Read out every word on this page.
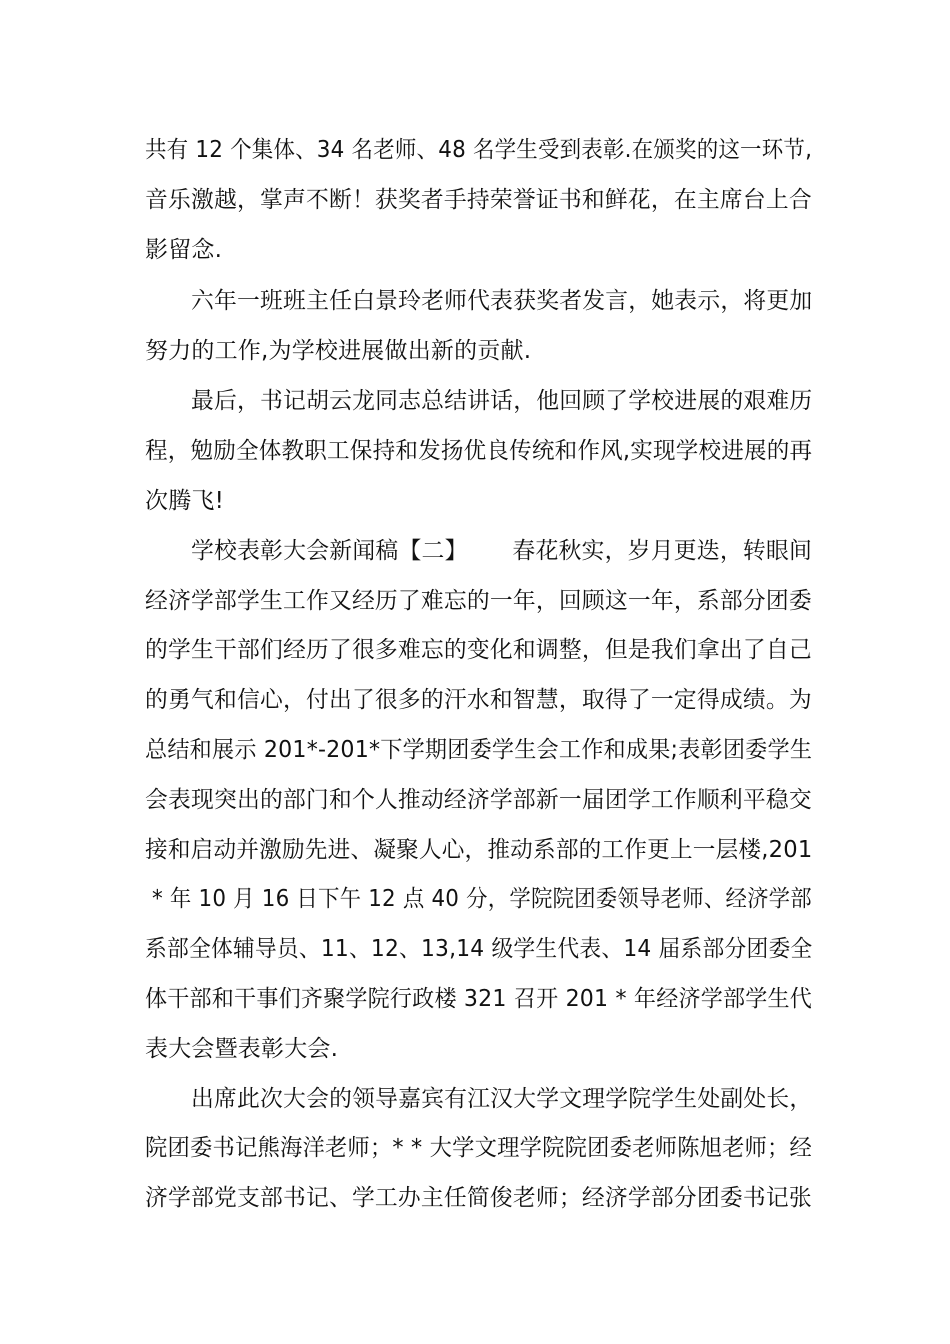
共有 12 个集体、34 名老师、48 名学生受到表彰.在颁奖的这一环节,
音乐激越，掌声不断！获奖者手持荣誉证书和鲜花，在主席台上合
影留念.
六年一班班主任白景玲老师代表获奖者发言，她表示，将更加
努力的工作,为学校进展做出新的贡献.
最后，书记胡云龙同志总结讲话，他回顾了学校进展的艰难历
程，勉励全体教职工保持和发扬优良传统和作风,实现学校进展的再
次腾飞!
学校表彰大会新闻稿【二】      春花秋实，岁月更迭，转眼间
经济学部学生工作又经历了难忘的一年，回顾这一年，系部分团委
的学生干部们经历了很多难忘的变化和调整，但是我们拿出了自己
的勇气和信心，付出了很多的汗水和智慧，取得了一定得成绩。为
总结和展示 201*-201*下学期团委学生会工作和成果;表彰团委学生
会表现突出的部门和个人推动经济学部新一届团学工作顺利平稳交
接和启动并激励先进、凝聚人心，推动系部的工作更上一层楼,201
* 年 10 月 16 日下午 12 点 40 分，学院院团委领导老师、经济学部
系部全体辅导员、11、12、13,14 级学生代表、14 届系部分团委全
体干部和干事们齐聚学院行政楼 321 召开 201 * 年经济学部学生代
表大会暨表彰大会.
出席此次大会的领导嘉宾有江汉大学文理学院学生处副处长，
院团委书记熊海洋老师；* * 大学文理学院院团委老师陈旭老师；经
济学部党支部书记、学工办主任简俊老师；经济学部分团委书记张
